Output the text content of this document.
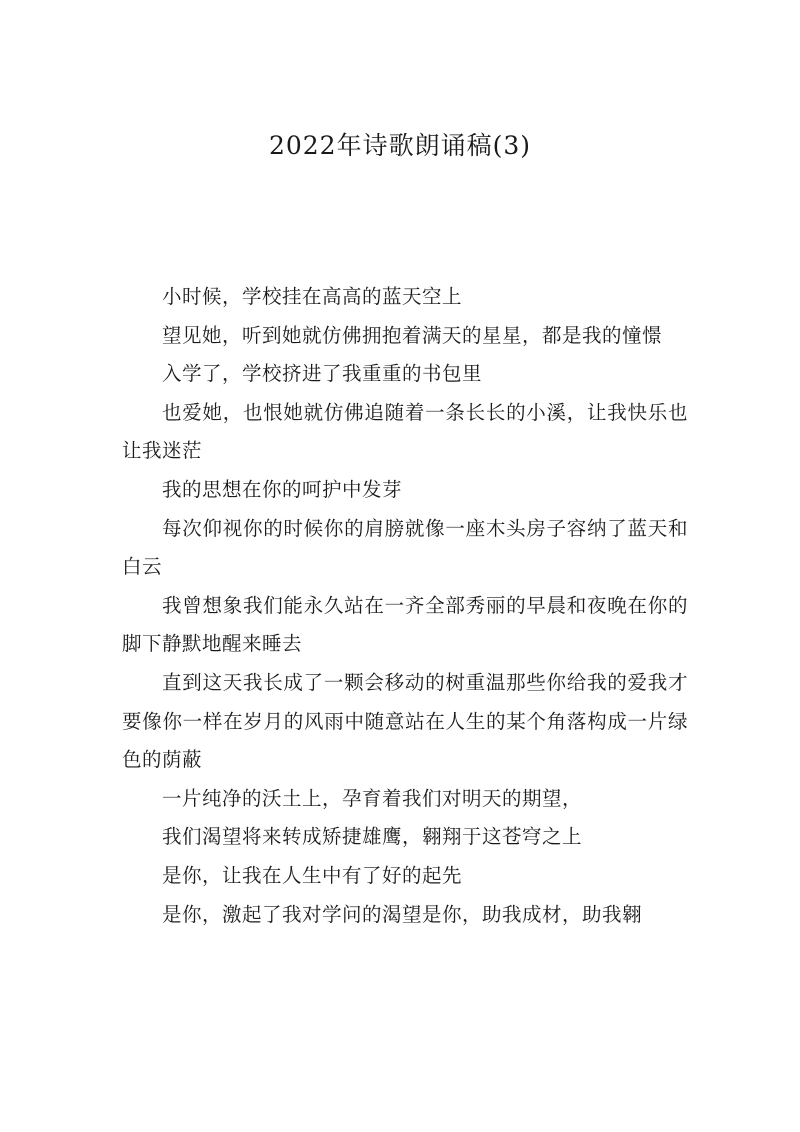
2022年诗歌朗诵稿(3)

小时候，学校挂在高高的蓝天空上

望见她，听到她就仿佛拥抱着满天的星星，都是我的憧憬

入学了，学校挤进了我重重的书包里

也爱她，也恨她就仿佛追随着一条长长的小溪，让我快乐也让我迷茫

我的思想在你的呵护中发芽

每次仰视你的时候你的肩膀就像一座木头房子容纳了蓝天和白云

我曾想象我们能永久站在一齐全部秀丽的早晨和夜晚在你的脚下静默地醒来睡去

直到这天我长成了一颗会移动的树重温那些你给我的爱我才要像你一样在岁月的风雨中随意站在人生的某个角落构成一片绿色的荫蔽

一片纯净的沃土上，孕育着我们对明天的期望，

我们渴望将来转成矫捷雄鹰，翱翔于这苍穹之上

是你，让我在人生中有了好的起先

是你，激起了我对学问的渴望是你，助我成材，助我翱
